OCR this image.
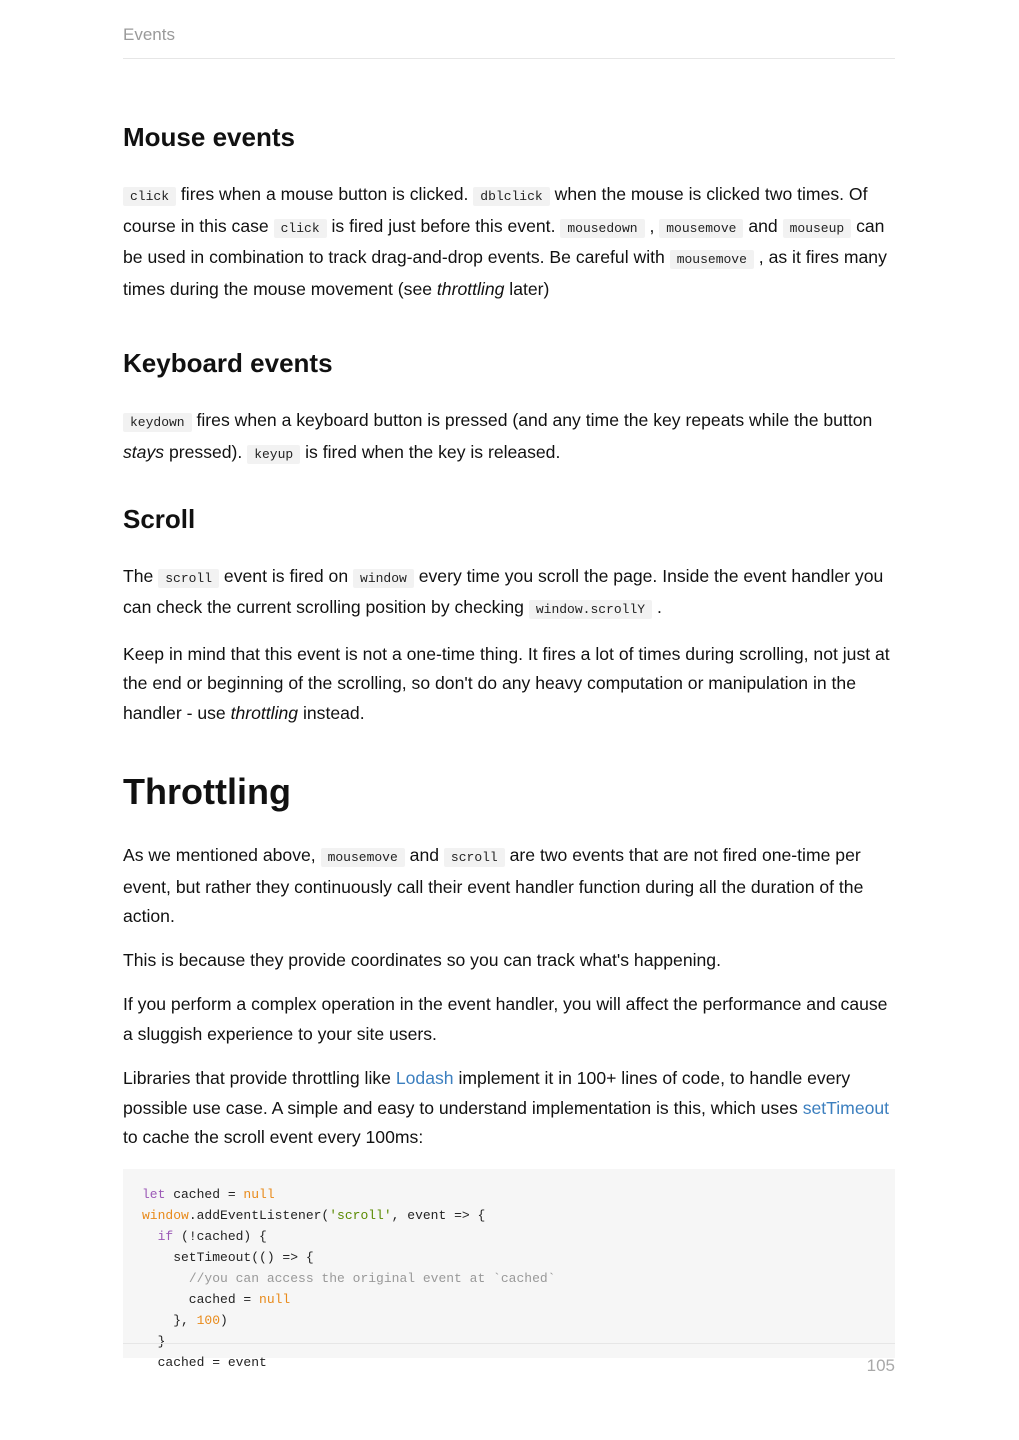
Events
Mouse events

click fires when a mouse button is clicked. dblclick when the mouse is clicked two times. Of course in this case click is fired just before this event. mousedown , mousemove and mouseup can be used in combination to track drag-and-drop events. Be careful with mousemove , as it fires many times during the mouse movement (see throttling later)

Keyboard events

keydown fires when a keyboard button is pressed (and any time the key repeats while the button stays pressed). keyup is fired when the key is released.

Scroll

The scroll event is fired on window every time you scroll the page. Inside the event handler you can check the current scrolling position by checking window.scrollY .

Keep in mind that this event is not a one-time thing. It fires a lot of times during scrolling, not just at the end or beginning of the scrolling, so don't do any heavy computation or manipulation in the handler - use throttling instead.

Throttling

As we mentioned above, mousemove and scroll are two events that are not fired one-time per event, but rather they continuously call their event handler function during all the duration of the action.

This is because they provide coordinates so you can track what's happening.

If you perform a complex operation in the event handler, you will affect the performance and cause a sluggish experience to your site users.

Libraries that provide throttling like Lodash implement it in 100+ lines of code, to handle every possible use case. A simple and easy to understand implementation is this, which uses setTimeout to cache the scroll event every 100ms:

let cached = null
window.addEventListener('scroll', event => {
if (!cached) {
setTimeout(() => {
//you can access the original event at `cached`
cached = null
}, 100)
}
cached = event	105
